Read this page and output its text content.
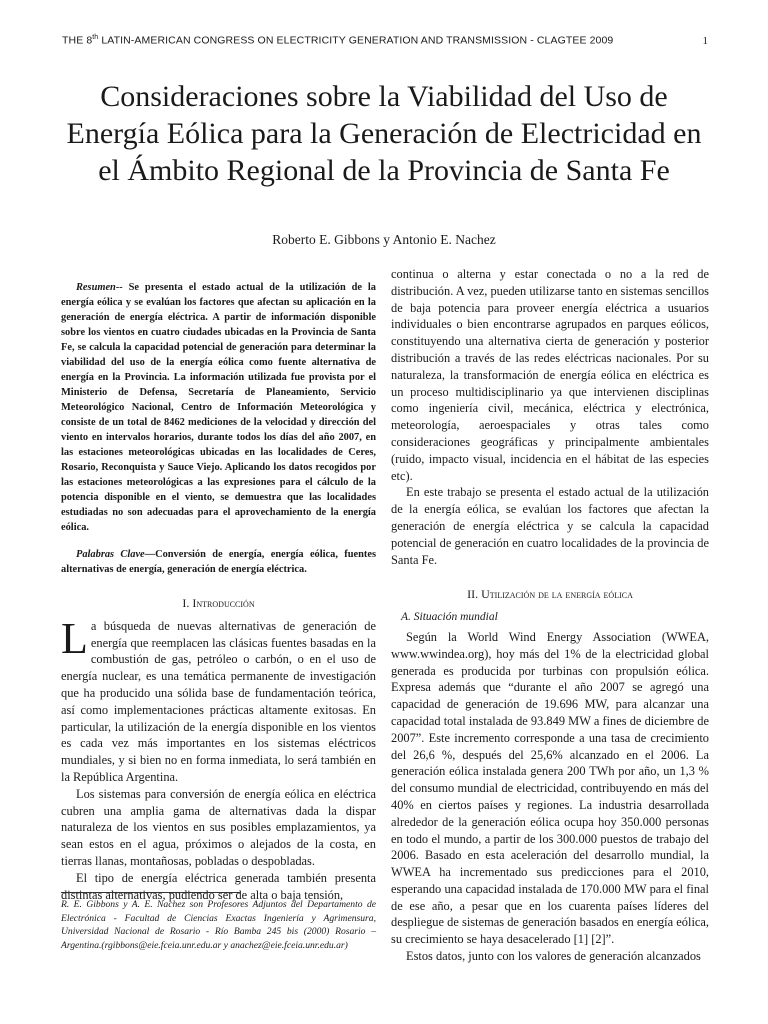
THE 8th LATIN-AMERICAN CONGRESS ON ELECTRICITY GENERATION AND TRANSMISSION - CLAGTEE 2009	1
Consideraciones sobre la Viabilidad del Uso de Energía Eólica para la Generación de Electricidad en el Ámbito Regional de la Provincia de Santa Fe
Roberto E. Gibbons y Antonio E. Nachez

Resumen-- Se presenta el estado actual de la utilización de la energía eólica y se evalúan los factores que afectan su aplicación en la generación de energía eléctrica. A partir de información disponible sobre los vientos en cuatro ciudades ubicadas en la Provincia de Santa Fe, se calcula la capacidad potencial de generación para determinar la viabilidad del uso de la energía eólica como fuente alternativa de energía en la Provincia. La información utilizada fue provista por el Ministerio de Defensa, Secretaría de Planeamiento, Servicio Meteorológico Nacional, Centro de Información Meteorológica y consiste de un total de 8462 mediciones de la velocidad y dirección del viento en intervalos horarios, durante todos los días del año 2007, en las estaciones meteorológicas ubicadas en las localidades de Ceres, Rosario, Reconquista y Sauce Viejo. Aplicando los datos recogidos por las estaciones meteorológicas a las expresiones para el cálculo de la potencia disponible en el viento, se demuestra que las localidades estudiadas no son adecuadas para el aprovechamiento de la energía eólica.

Palabras Clave—Conversión de energía, energía eólica, fuentes alternativas de energía, generación de energía eléctrica.

I. Introducción

La búsqueda de nuevas alternativas de generación de energía que reemplacen las clásicas fuentes basadas en la combustión de gas, petróleo o carbón, o en el uso de energía nuclear, es una temática permanente de investigación que ha producido una sólida base de fundamentación teórica, así como implementaciones prácticas altamente exitosas. En particular, la utilización de la energía disponible en los vientos es cada vez más importantes en los sistemas eléctricos mundiales, y si bien no en forma inmediata, lo será también en la República Argentina.

Los sistemas para conversión de energía eólica en eléctrica cubren una amplia gama de alternativas dada la dispar naturaleza de los vientos en sus posibles emplazamientos, ya sean estos en el agua, próximos o alejados de la costa, en tierras llanas, montañosas, pobladas o despobladas.

El tipo de energía eléctrica generada también presenta distintas alternativas, pudiendo ser de alta o baja tensión,

R. E. Gibbons y A. E. Nachez son Profesores Adjuntos del Departamento de Electrónica - Facultad de Ciencias Exactas Ingeniería y Agrimensura, Universidad Nacional de Rosario - Río Bamba 245 bis (2000) Rosario – Argentina.(rgibbons@eie.fceia.unr.edu.ar y anachez@eie.fceia.unr.edu.ar)

continua o alterna y estar conectada o no a la red de distribución. A vez, pueden utilizarse tanto en sistemas sencillos de baja potencia para proveer energía eléctrica a usuarios individuales o bien encontrarse agrupados en parques eólicos, constituyendo una alternativa cierta de generación y posterior distribución a través de las redes eléctricas nacionales. Por su naturaleza, la transformación de energía eólica en eléctrica es un proceso multidisciplinario ya que intervienen disciplinas como ingeniería civil, mecánica, eléctrica y electrónica, meteorología, aeroespaciales y otras tales como consideraciones geográficas y principalmente ambientales (ruido, impacto visual, incidencia en el hábitat de las especies etc).

En este trabajo se presenta el estado actual de la utilización de la energía eólica, se evalúan los factores que afectan la generación de energía eléctrica y se calcula la capacidad potencial de generación en cuatro localidades de la provincia de Santa Fe.

II. Utilización de la energía eólica
A. Situación mundial

Según la World Wind Energy Association (WWEA, www.wwindea.org), hoy más del 1% de la electricidad global generada es producida por turbinas con propulsión eólica. Expresa además que “durante el año 2007 se agregó una capacidad de generación de 19.696 MW, para alcanzar una capacidad total instalada de 93.849 MW a fines de diciembre de 2007”. Este incremento corresponde a una tasa de crecimiento del 26,6 %, después del 25,6% alcanzado en el 2006. La generación eólica instalada genera 200 TWh por año, un 1,3 % del consumo mundial de electricidad, contribuyendo en más del 40% en ciertos países y regiones. La industria desarrollada alrededor de la generación eólica ocupa hoy 350.000 personas en todo el mundo, a partir de los 300.000 puestos de trabajo del 2006. Basado en esta aceleración del desarrollo mundial, la WWEA ha incrementado sus predicciones para el 2010, esperando una capacidad instalada de 170.000 MW para el final de ese año, a pesar que en los cuarenta países líderes del despliegue de sistemas de generación basados en energía eólica, su crecimiento se haya desacelerado [1] [2]”.

Estos datos, junto con los valores de generación alcanzados
